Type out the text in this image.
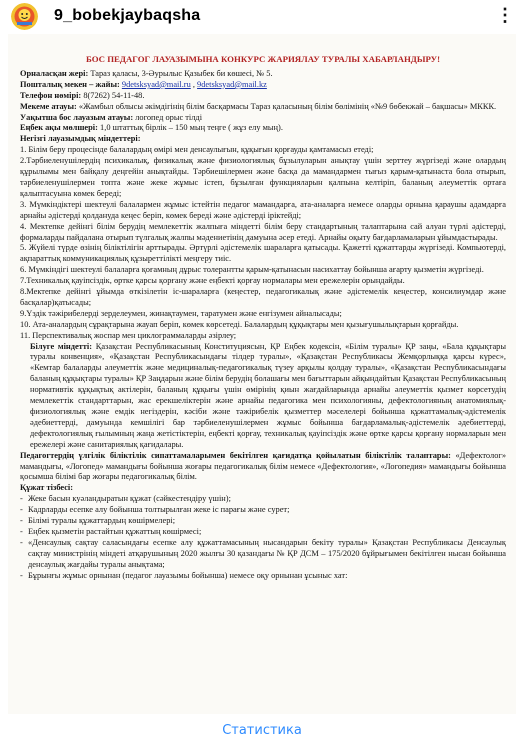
9_bobekjaybaqsha	⋮
БОС ПЕДАГОГ ЛАУАЗЫМЫНА КОНКУРС ЖАРИЯЛАУ ТУРАЛЫ ХАБАРЛАНДЫРУ!
Орналасқан жері: Тараз қаласы, 3-Әурылыс Қазыбек би көшесі, № 5.
Пошталық мекен – жайы: 9detsksyad@mail.ru , 9detsksyad@mail.kz
Телефон нөмірі: 8(7262) 54-11-48.
Мекеме атауы: «Жамбыл облысы әкімдігінің білім басқармасы Тараз қаласының білім бөлімінің «№9 бөбекжай – бақшасы» МККК.
Уақытша бос лауазым атауы: логопед орыс тілді
Еңбек ақы мөлшері: 1,0 штаттық бірлік – 150 мың теңге ( жұз елу мың).
Негізгі лауазымдық міндеттері:
1. Білім беру процесінде балалардың өмірі мен денсаулығын, құқығын қорғауды қамтамасыз етеді;
2.Тәрбиеленушілердің психикалық, физикалық және физиологиялық бұзылуларын анықтау үшін зерттеу жүргізеді және олардың құрылымы мен байқалу деңгейін анықтайды. Тәрбиешілермен және басқа да мамандармен тығыз қарым-қатынаста бола отырып, тәрбиеленушілермен топта және жеке жұмыс істеп, бұзылған функцияларын қалпына келтіріп, баланың әлеуметтік ортаға қалыптасуына көмек береді;
3. Мүмкіндіктері шектеулі балалармен жұмыс істейтін педагог мамандарға, ата-аналарға немесе оларды орнына қараушы адамдарға арнайы әдістерді қолдануда кеңес беріп, көмек береді және әдістерді іріктейді;
4. Мектепке дейінгі білім берудің мемлекеттік жалпыға міндетті білім беру стандартының талаптарына сай алуан түрлі әдістерді, формаларды пайдалана отырып түлгалық жалпы мәдениетінің дамуына әсер етеді. Арнайы оқыту бағдарламаларын ұйымдастырады.
5. Жүйелі түрде өзінің біліктілігін арттырады. Әртүрлі әдістемелік шараларға қатысады. Қажетті құжаттарды жүргізеді. Компьютерді, ақпараттық коммуникациялық құзыреттілікті меңгеру тиіс.
6. Мүмкіндігі шектеулі балаларға қоғамның дұрыс толерантты қарым-қатынасын насихаттау бойынша ағарту қызметін жүргізеді.
7.Техникалық қауіпсіздік, өртке қарсы қорғану және еңбекті қорғау нормалары мен ережелерін орындайды.
8.Мектепке дейінгі ұйымда өткізілетін іс-шараларға (кеңестер, педагогикалық және әдістемелік кеңестер, консилиумдар және басқалар)қатысады;
9.Үздік тәжірибелерді зерделеумен, жинақтаумен, таратумен және енгізумен айналысады;
10. Ата-аналардың сұрақтарына жауап беріп, көмек көрсетеді. Балалардың құқықтары мен қызығушылықтарын қорғайды.
11. Перспективалық жоспар мен циклограммаларды әзірлеу;
Білуге міндетті: Қазақстан Республикасының Конституциясын, ҚР Еңбек кодексін, «Білім туралы» ҚР заңы, «Бала құқықтары туралы конвенция», «Қазақстан Республикасындағы тілдер туралы», «Қазақстан Республикасы Жемқорлыққа қарсы күрес», «Кемтар балаларды әлеуметтік және медициналық-педагогикалық түзеу арқылы қолдау туралы», «Қазақстан Республикасындағы баланың құқықтары туралы» ҚР Заңдарын және білім берудің болашағы мен бағыттарын айқындайтын Қазақстан Республикасының нормативтік құқықтық актілерін, баланың құқығы үшін өмірінің қиын жағдайларында арнайы әлеуметтік қызмет көрсетудің мемлекеттік стандарттарын, жас ерекшеліктерін және арнайы педагогика мен психологияны, дефектологияның анатомиялық-физиологиялық және емдік негіздерін, кәсіби және тәжірибелік қызметтер мәселелері бойынша құжаттамалық-әдістемелік әдебиеттерді, дамуында кемшілігі бар тәрбиеленушілермен жұмыс бойынша бағдарламалық-әдістемелік әдебиеттерді, дефектологиялық ғылымның жаңа жетістіктерін, еңбекті қорғау, техникалық қауіпсіздік және өртке қарсы қорғану нормаларын мен ережелері және санитариялық қағидалары.
Педагогтердің үлгілік біліктілік сипаттамаларымен бекітілген қағидатқа қойылатын біліктілік талаптары: «Дефектолог» мамандығы, «Логопед» мамандығы бойынша жоғары педагогикалық білім немесе «Дефектология», «Логопедия» мамандығы бойынша қосымша білімі бар жоғары педагогикалық білім.
Құжат тізбесі:
- Жеке басын куәландыратын құжат (сәйкестендіру үшін);
- Кадрларды есепке алу бойынша толтырылған жеке іс парағы және сурет;
- Білімі туралы құжаттардың көшірмелері;
- Еңбек қызметін растайтын құжаттың көшірмесі;
- «Денсаулық сақтау саласындағы есепке алу құжаттамасының нысандарын бекіту туралы» Қазақстан Республикасы Денсаулық сақтау министрінің міндеті атқарушының 2020 жылғы 30 қазандағы № ҚР ДСМ – 175/2020 бұйрығымен бекітілген нысан бойынша денсаулық жағдайы туралы анықтама;
- Бұрынғы жұмыс орнынан (педагог лауазымы бойынша) немесе оқу орнынан ұсыныс хат:
Статистика
